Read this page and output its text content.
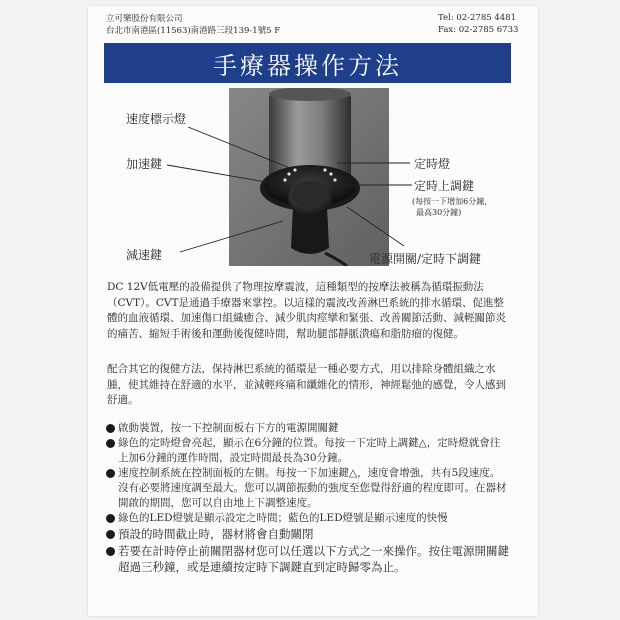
立可樂股份有限公司
台北市南港區(11563)南港路三段139-1號5 F
Tel: 02-2785 4481
Fax: 02-2785 6733
手療器操作方法
速度標示燈
加速鍵
減速鍵
定時燈
定時上調鍵
(每按一下增加6分鐘，
最高30分鐘)
電源開關/定時下調鍵

DC 12V低電壓的設備提供了物理按摩震波，這種類型的按摩法被稱為循環振動法（CVT）。CVT是通過手療器來掌控。以這樣的震波改善淋巴系統的排水循環、促進整體的血液循環、加速傷口組織癒合、減少肌肉痙攣和緊張、改善關節活動、減輕關節炎的痛苦、縮短手術後和運動後復健時間，幫助腿部靜脈潰瘍和脂肪瘤的復健。

配合其它的復健方法，保持淋巴系統的循環是一種必要方式，用以排除身體組織之水腫，使其維持在舒適的水平，並減輕疼痛和纖維化的情形，神經鬆弛的感覺，令人感到舒適。

啟動裝置，按一下控制面板右下方的電源開關鍵
綠色的定時燈會亮起，顯示在6分鐘的位置。每按一下定時上調鍵△，定時燈就會往上加6分鐘的運作時間，設定時間最長為30分鐘。
速度控制系統在控制面板的左側。每按一下加速鍵△，速度會增強，共有5段速度。沒有必要將速度調至最大。您可以調節振動的強度至您覺得舒適的程度即可。在器材開啟的期間，您可以自由地上下調整速度。
綠色的LED燈號是顯示設定之時間；藍色的LED燈號是顯示速度的快慢
預設的時間截止時，器材將會自動關閉
若要在計時停止前關閉器材您可以任選以下方式之一來操作。按住電源開關鍵超過三秒鐘，或是連續按定時下調鍵直到定時歸零為止。
